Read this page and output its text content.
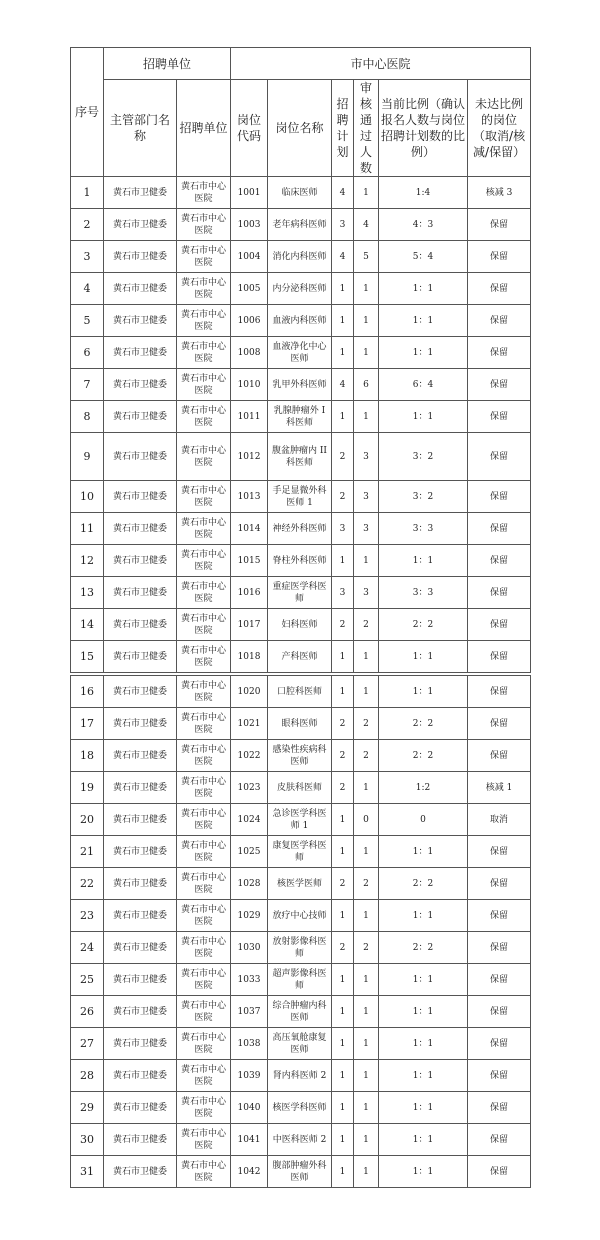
序号	招聘单位		市中心医院					
	主管部门名称	招聘单位	岗位代码	岗位名称	招聘计划	审核通过人数	当前比例（确认报名人数与岗位招聘计划数的比例）	未达比例的岗位（取消/核减/保留）
1	黄石市卫健委	黄石市中心医院	1001	临床医师	4	1	1:4	核减 3
2	黄石市卫健委	黄石市中心医院	1003	老年病科医师	3	4	4：3	保留
3	黄石市卫健委	黄石市中心医院	1004	消化内科医师	4	5	5：4	保留
4	黄石市卫健委	黄石市中心医院	1005	内分泌科医师	1	1	1：1	保留
5	黄石市卫健委	黄石市中心医院	1006	血液内科医师	1	1	1：1	保留
6	黄石市卫健委	黄石市中心医院	1008	血液净化中心医师	1	1	1：1	保留
7	黄石市卫健委	黄石市中心医院	1010	乳甲外科医师	4	6	6：4	保留
8	黄石市卫健委	黄石市中心医院	1011	乳腺肿瘤外 I 科医师	1	1	1：1	保留
9	黄石市卫健委	黄石市中心医院	1012	腹盆肿瘤内 II 科医师	2	3	3：2	保留
10	黄石市卫健委	黄石市中心医院	1013	手足显微外科医师 1	2	3	3：2	保留
11	黄石市卫健委	黄石市中心医院	1014	神经外科医师	3	3	3：3	保留
12	黄石市卫健委	黄石市中心医院	1015	脊柱外科医师	1	1	1：1	保留
13	黄石市卫健委	黄石市中心医院	1016	重症医学科医师	3	3	3：3	保留
14	黄石市卫健委	黄石市中心医院	1017	妇科医师	2	2	2：2	保留
15	黄石市卫健委	黄石市中心医院	1018	产科医师	1	1	1：1	保留
16	黄石市卫健委	黄石市中心医院	1020	口腔科医师	1	1	1：1	保留
17	黄石市卫健委	黄石市中心医院	1021	眼科医师	2	2	2：2	保留
18	黄石市卫健委	黄石市中心医院	1022	感染性疾病科医师	2	2	2：2	保留
19	黄石市卫健委	黄石市中心医院	1023	皮肤科医师	2	1	1:2	核减 1
20	黄石市卫健委	黄石市中心医院	1024	急诊医学科医师 1	1	0	0	取消
21	黄石市卫健委	黄石市中心医院	1025	康复医学科医师	1	1	1：1	保留
22	黄石市卫健委	黄石市中心医院	1028	核医学医师	2	2	2：2	保留
23	黄石市卫健委	黄石市中心医院	1029	放疗中心技师	1	1	1：1	保留
24	黄石市卫健委	黄石市中心医院	1030	放射影像科医师	2	2	2：2	保留
25	黄石市卫健委	黄石市中心医院	1033	超声影像科医师	1	1	1：1	保留
26	黄石市卫健委	黄石市中心医院	1037	综合肿瘤内科医师	1	1	1：1	保留
27	黄石市卫健委	黄石市中心医院	1038	高压氧舱康复医师	1	1	1：1	保留
28	黄石市卫健委	黄石市中心医院	1039	肾内科医师 2	1	1	1：1	保留
29	黄石市卫健委	黄石市中心医院	1040	核医学科医师	1	1	1：1	保留
30	黄石市卫健委	黄石市中心医院	1041	中医科医师 2	1	1	1：1	保留
31	黄石市卫健委	黄石市中心医院	1042	腹部肿瘤外科医师	1	1	1：1	保留
